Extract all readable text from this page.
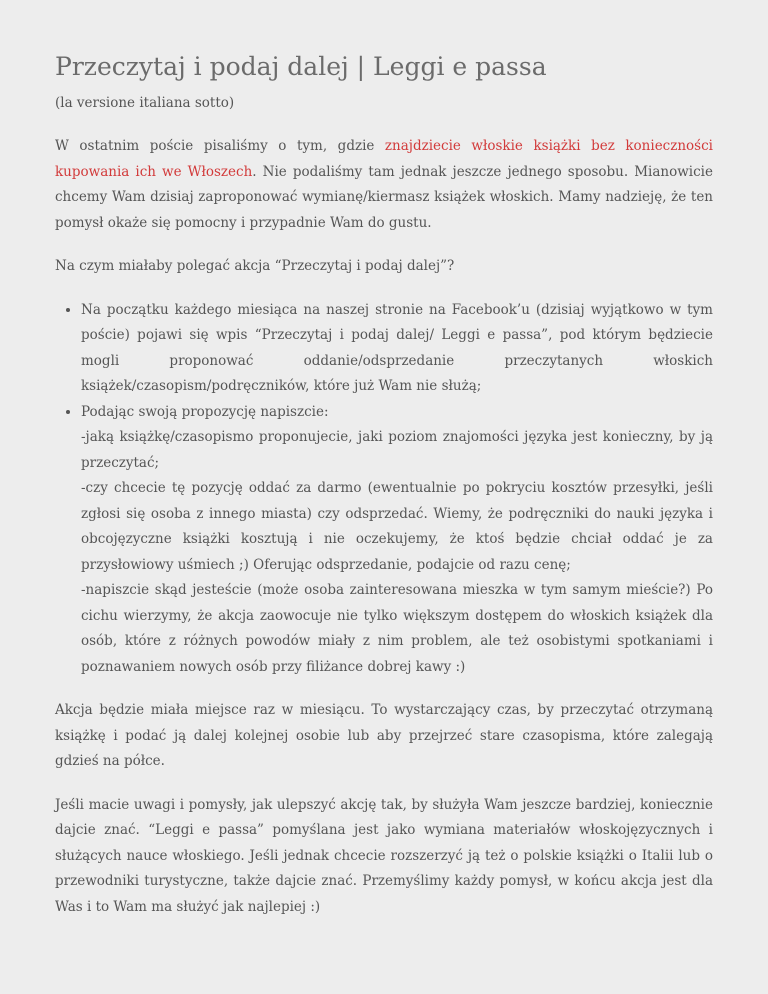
Przeczytaj i podaj dalej | Leggi e passa
(la versione italiana sotto)

W ostatnim poście pisaliśmy o tym, gdzie znajdziecie włoskie książki bez konieczności kupowania ich we Włoszech. Nie podaliśmy tam jednak jeszcze jednego sposobu. Mianowicie chcemy Wam dzisiaj zaproponować wymianę/kiermasz książek włoskich. Mamy nadzieję, że ten pomysł okaże się pomocny i przypadnie Wam do gustu.

Na czym miałaby polegać akcja “Przeczytaj i podaj dalej”?

• Na początku każdego miesiąca na naszej stronie na Facebook’u (dzisiaj wyjątkowo w tym poście) pojawi się wpis “Przeczytaj i podaj dalej/ Leggi e passa”, pod którym będziecie mogli proponować oddanie/odsprzedanie przeczytanych włoskich książek/czasopism/podręczników, które już Wam nie służą;
• Podając swoją propozycję napiszcie:
-jaką książkę/czasopismo proponujecie, jaki poziom znajomości języka jest konieczny, by ją przeczytać;
-czy chcecie tę pozycję oddać za darmo (ewentualnie po pokryciu kosztów przesyłki, jeśli zgłosi się osoba z innego miasta) czy odsprzedać. Wiemy, że podręczniki do nauki języka i obcojęzyczne książki kosztują i nie oczekujemy, że ktoś będzie chciał oddać je za przysłowiowy uśmiech ;) Oferując odsprzedanie, podajcie od razu cenę;
-napiszcie skąd jesteście (może osoba zainteresowana mieszka w tym samym mieście?) Po cichu wierzymy, że akcja zaowocuje nie tylko większym dostępem do włoskich książek dla osób, które z różnych powodów miały z nim problem, ale też osobistymi spotkaniami i poznawaniem nowych osób przy filiżance dobrej kawy :)

Akcja będzie miała miejsce raz w miesiącu. To wystarczający czas, by przeczytać otrzymaną książkę i podać ją dalej kolejnej osobie lub aby przejrzeć stare czasopisma, które zalegają gdzieś na półce.

Jeśli macie uwagi i pomysły, jak ulepszyć akcję tak, by służyła Wam jeszcze bardziej, koniecznie dajcie znać. “Leggi e passa” pomyślana jest jako wymiana materiałów włoskojęzycznych i służących nauce włoskiego. Jeśli jednak chcecie rozszerzyć ją też o polskie książki o Italii lub o przewodniki turystyczne, także dajcie znać. Przemyślimy każdy pomysł, w końcu akcja jest dla Was i to Wam ma służyć jak najlepiej :)
